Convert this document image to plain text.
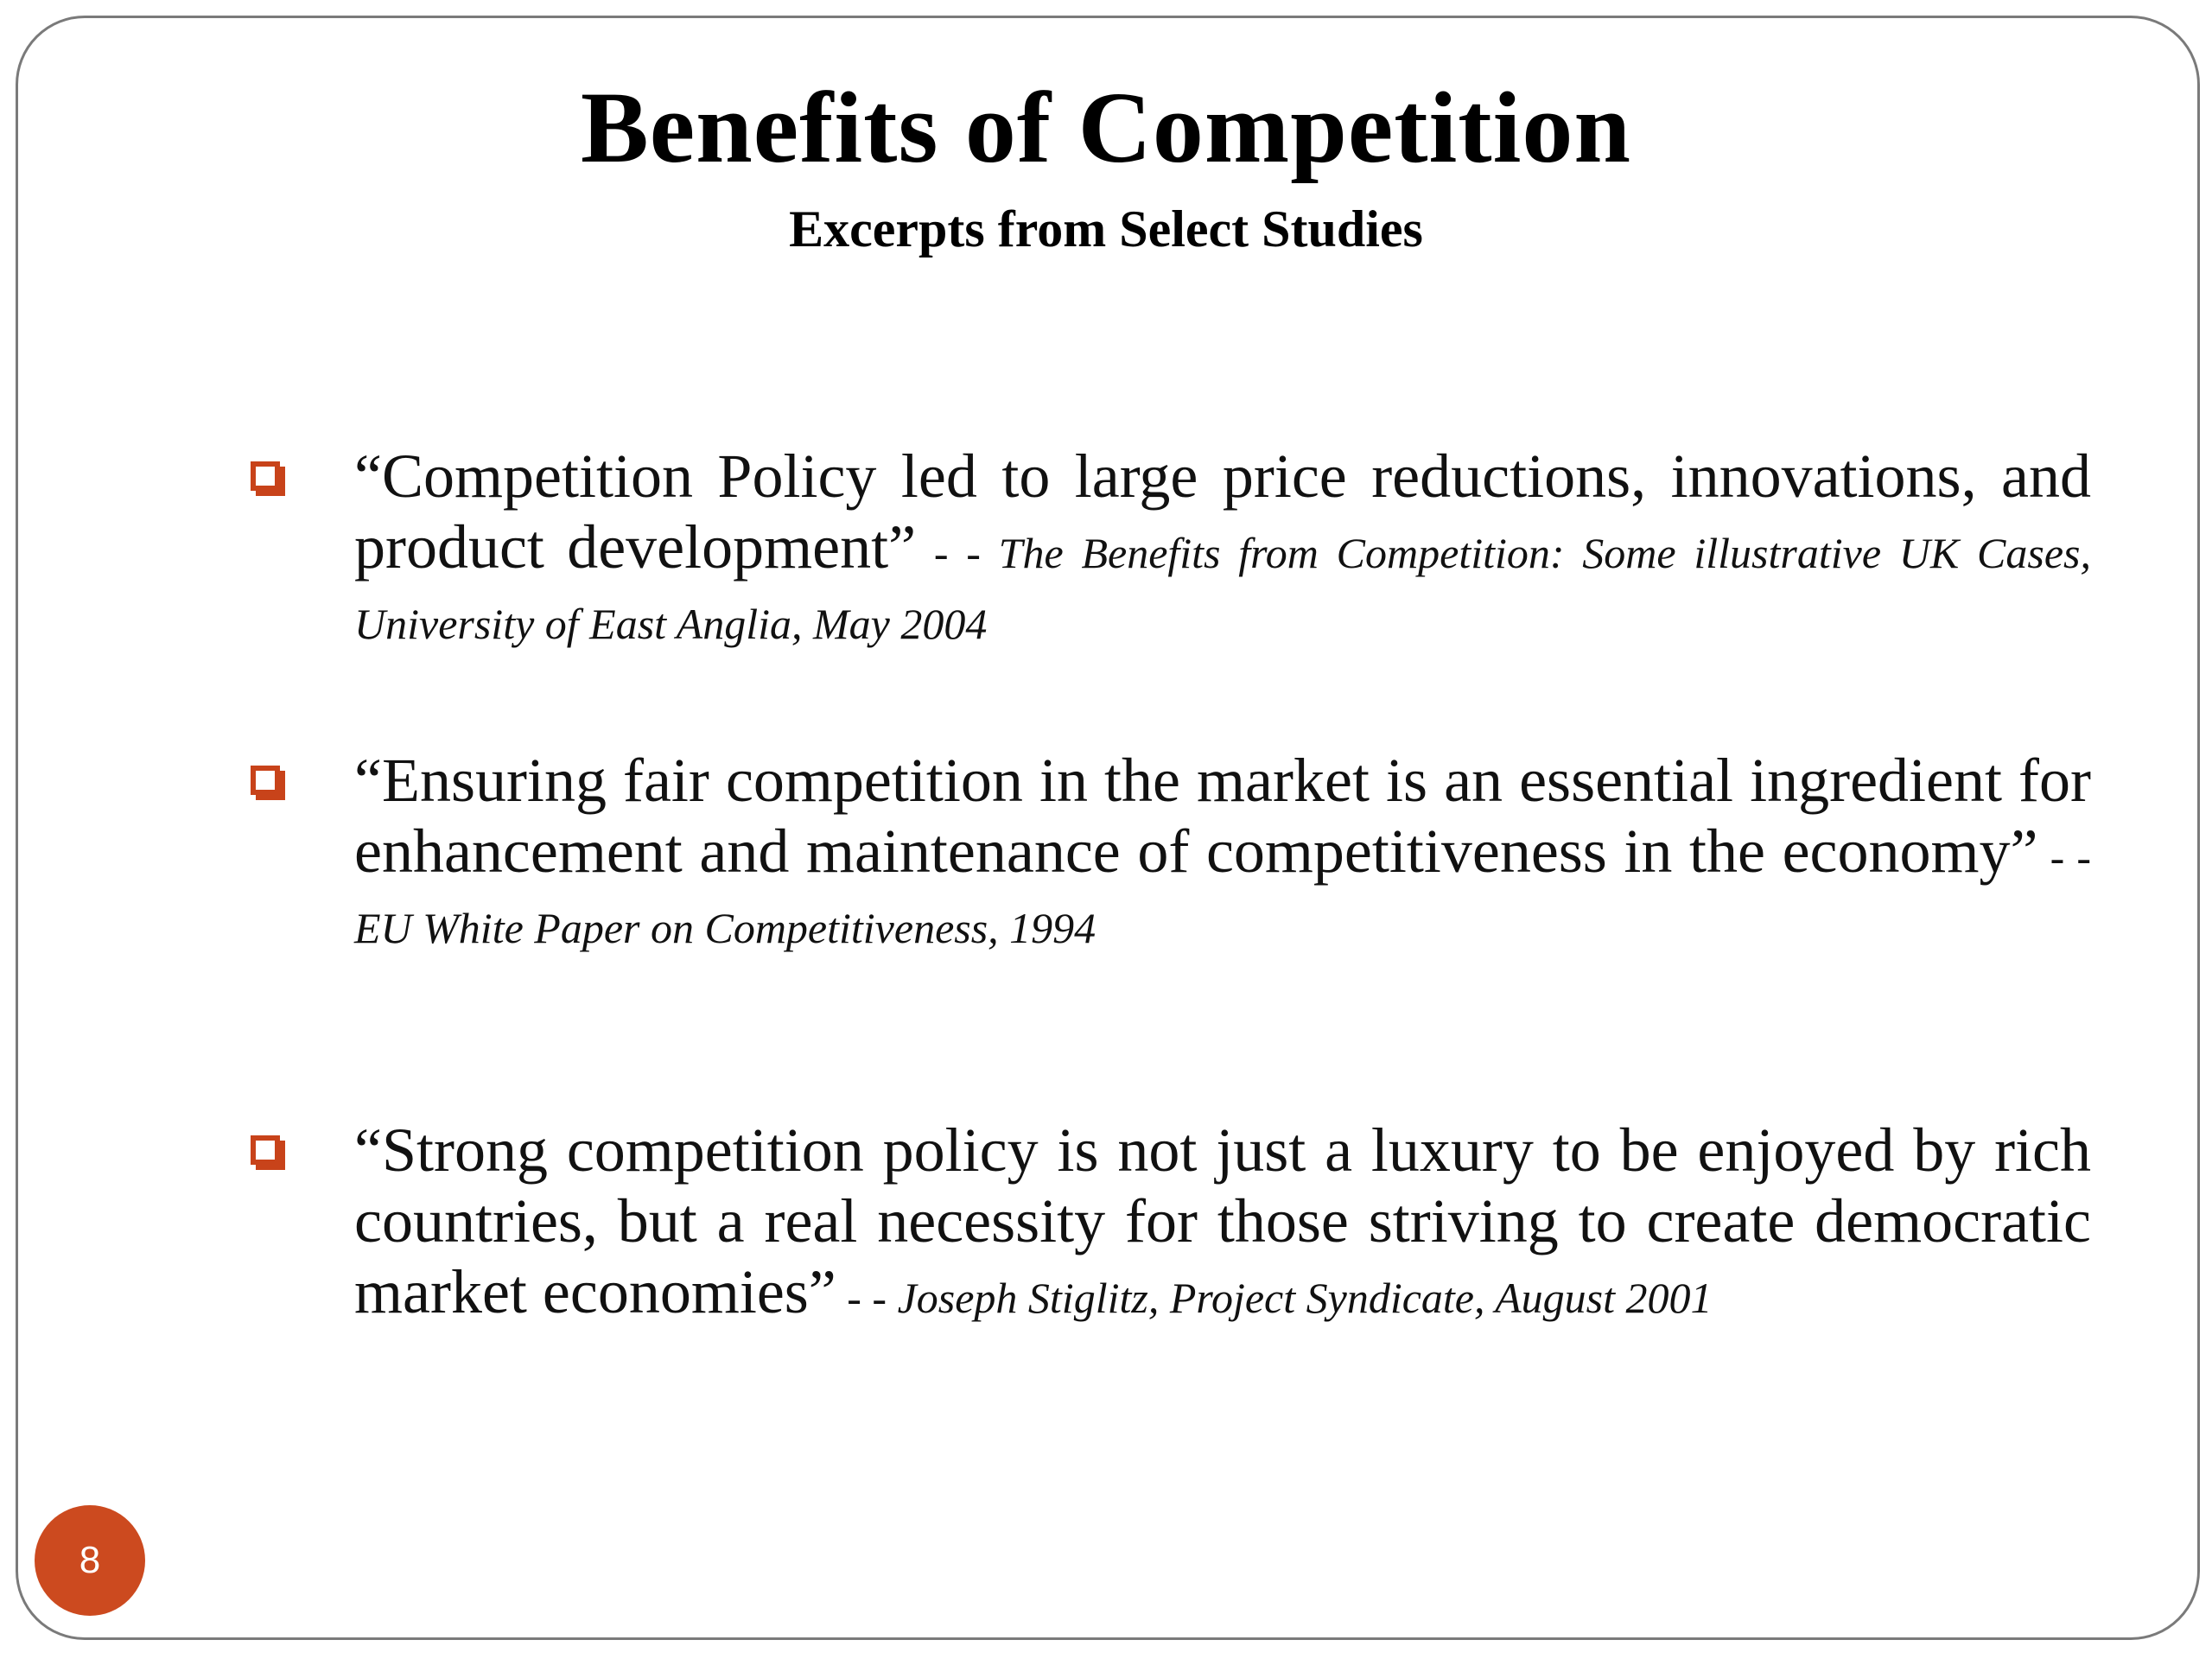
Benefits of Competition
Excerpts from Select Studies
“Competition Policy led to large price reductions, innovations, and product development” - - The Benefits from Competition: Some illustrative UK Cases, University of East Anglia, May 2004
“Ensuring fair competition in the market is an essential ingredient for enhancement and maintenance of competitiveness in the economy” - - EU White Paper on Competitiveness, 1994
“Strong competition policy is not just a luxury to be enjoyed by rich countries, but a real necessity for those striving to create democratic market economies” - - Joseph Stiglitz, Project Syndicate, August 2001
8
